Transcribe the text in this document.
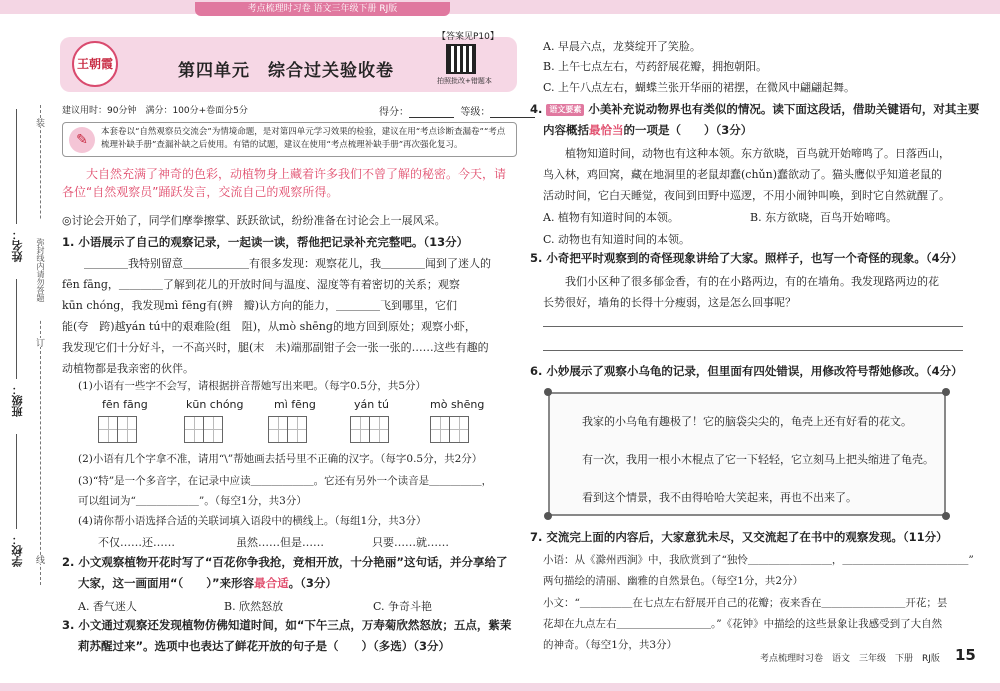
考点梳理时习卷 语文三年级下册 RJ版
姓名：
班级：
学校：
装
弥封线内请勿答题
订
线
王朝霞	第四单元　综合过关验收卷
【答案见P10】
拍照批改+错题本
建议用时：90分钟　满分：100分+卷面分5分	得分：	等级：
✎	本套卷以“自然观察员交流会”为情境命题，是对第四单元学习效果的检验，建议在用“考点诊断查漏卷”“考点梳理补缺手册”查漏补缺之后使用。有错的试题，建议在使用“考点梳理补缺手册”再次强化复习。
大自然充满了神奇的色彩，动植物身上藏着许多我们不曾了解的秘密。今天，请各位“自然观察员”踊跃发言，交流自己的观察所得。
◎讨论会开始了，同学们摩拳擦掌、跃跃欲试，纷纷准备在讨论会上一展风采。
1. 小语展示了自己的观察记录，一起读一读，帮他把记录补充完整吧。（13分）
　　＿＿＿＿我特别留意＿＿＿＿＿＿有很多发现：观察花儿，我＿＿＿＿闻到了迷人的
fēn fāng，＿＿＿＿了解到花儿的开放时间与温度、湿度等有着密切的关系；观察
kūn chóng，我发现mì fēng有(辨　瓣)认方向的能力，＿＿＿＿飞到哪里，它们
能(夸　跨)越yán tú中的艰难险(组　阻)，从mò shēng的地方回到原处；观察小虾，
我发现它们十分好斗，一不高兴时，腿(末　未)端那副钳子会一张一张的……这些有趣的
动植物都是我亲密的伙伴。
(1)小语有一些字不会写，请根据拼音帮她写出来吧。（每字0.5分，共5分）
fēn fāng	kūn chóng	mì fēng	yán tú	mò shēng
(2)小语有几个字拿不准，请用“\”帮她画去括号里不正确的汉字。（每字0.5分，共2分）
(3)“特”是一个多音字，在记录中应读＿＿＿＿＿＿。它还有另外一个读音是＿＿＿＿＿，
可以组词为“＿＿＿＿＿＿”。（每空1分，共3分）
(4)请你帮小语选择合适的关联词填入语段中的横线上。（每组1分，共3分）
不仅……还……	虽然……但是……	只要……就……
2. 小文观察植物开花时写了“百花你争我抢，竞相开放，十分艳丽”这句话，并分享给了
大家，这一画面用“（　　）”来形容最合适。（3分）
A. 香气迷人	B. 欣然怒放	C. 争奇斗艳
3. 小文通过观察还发现植物仿佛知道时间，如“下午三点，万寿菊欣然怒放；五点，紫茉
莉苏醒过来”。选项中也表达了鲜花开放的句子是（　　）（多选）（3分）
A. 早晨六点，龙葵绽开了笑脸。
B. 上午七点左右，芍药舒展花瓣，拥抱朝阳。
C. 上午八点左右，蝴蝶兰张开华丽的裙摆，在微风中翩翩起舞。
4. 语文要素 小美补充说动物界也有类似的情况。读下面这段话，借助关键语句，对其主要
内容概括最恰当的一项是（　　）（3分）
　　植物知道时间，动物也有这种本领。东方欲晓，百鸟就开始啼鸣了。日落西山，
鸟入林，鸡回窝，藏在地洞里的老鼠却蠢(chǔn)蠢欲动了。猫头鹰似乎知道老鼠的
活动时间，它白天睡觉，夜间到田野中巡逻，不用小闹钟叫唤，到时它自然就醒了。
A. 植物有知道时间的本领。	B. 东方欲晓，百鸟开始啼鸣。
C. 动物也有知道时间的本领。
5. 小奇把平时观察到的奇怪现象讲给了大家。照样子，也写一个奇怪的现象。（4分）
　　我们小区种了很多郁金香，有的在小路两边，有的在墙角。我发现路两边的花
长势很好，墙角的长得十分瘦弱，这是怎么回事呢？
6. 小妙展示了观察小乌龟的记录，但里面有四处错误，用修改符号帮她修改。（4分）
　　我家的小乌龟有趣极了！它的脑袋尖尖的，龟壳上还有好看的花文。
　　有一次，我用一根小木棍点了它一下轻轻，它立刻马上把头缩进了龟壳。
　　看到这个情景，我不由得哈哈大笑起来，再也不出来了。
7. 交流完上面的内容后，大家意犹未尽，又交流起了在书中的观察发现。（11分）
小语：从《滁州西涧》中，我欣赏到了“独怜＿＿＿＿＿＿＿＿，＿＿＿＿＿＿＿＿＿＿＿＿”
两句描绘的清丽、幽雅的自然景色。（每空1分，共2分）
小文：“＿＿＿＿＿在七点左右舒展开自己的花瓣；夜来香在＿＿＿＿＿＿＿＿开花；昙
花却在九点左右＿＿＿＿＿＿＿＿＿。”《花钟》中描绘的这些景象让我感受到了大自然
的神奇。（每空1分，共3分）
考点梳理时习卷　语文　三年级　下册　RJ版 15
